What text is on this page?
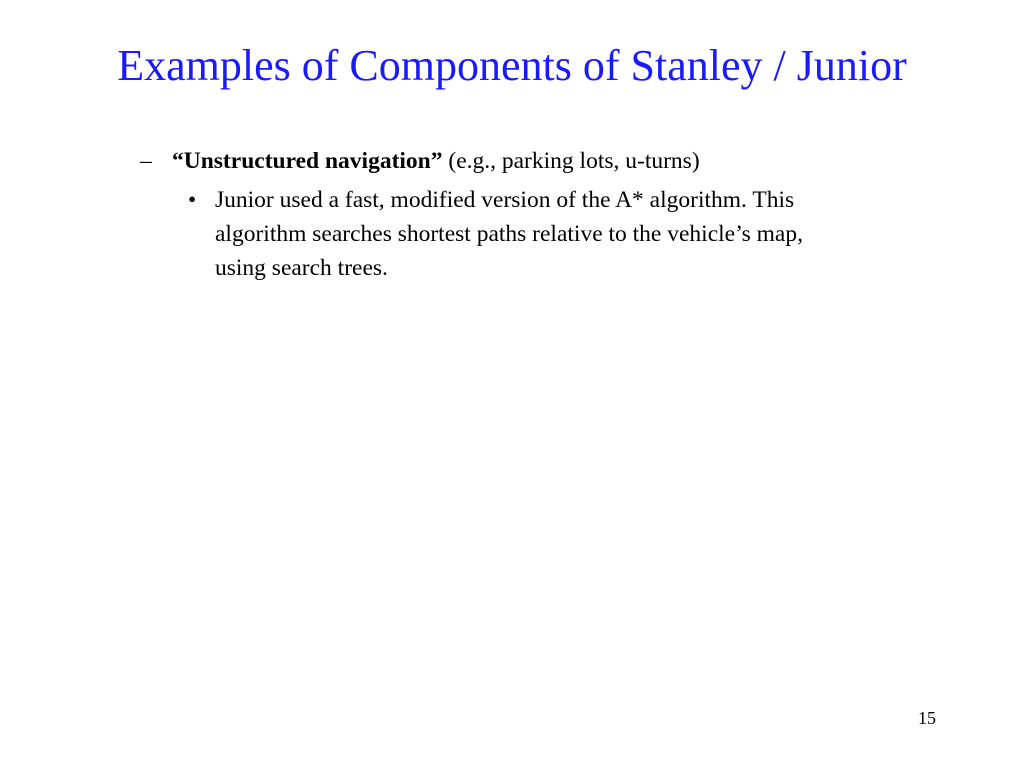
Examples of Components of Stanley / Junior
– “Unstructured navigation” (e.g., parking lots, u-turns)
• Junior used a fast, modified version of the A* algorithm. This
algorithm searches shortest paths relative to the vehicle’s map,
using search trees.
15
